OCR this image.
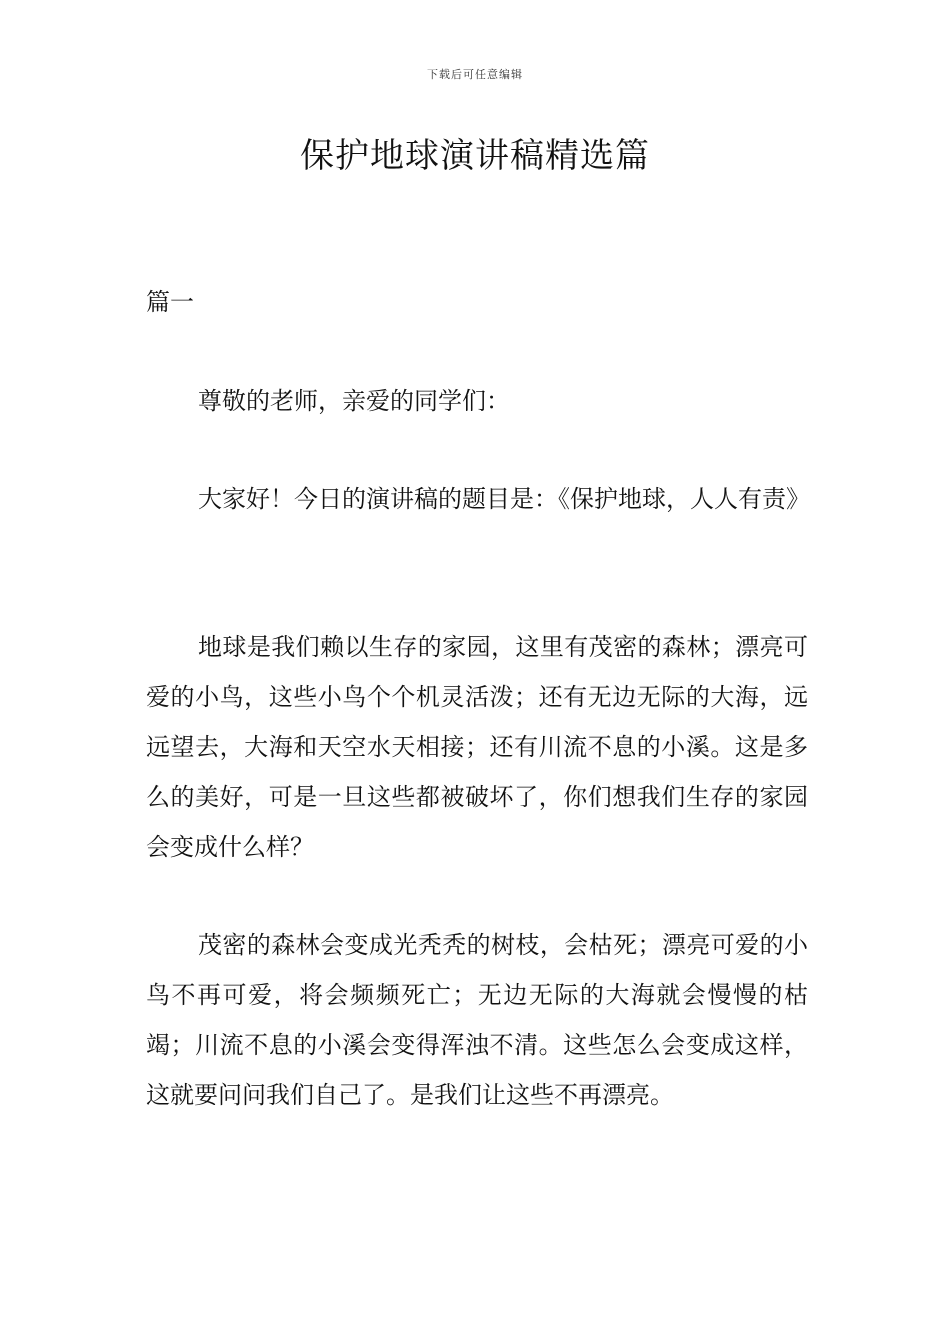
下载后可任意编辑
保护地球演讲稿精选篇
篇一

尊敬的老师，亲爱的同学们：

大家好！今日的演讲稿的题目是：《保护地球，人人有责》

地球是我们赖以生存的家园，这里有茂密的森林；漂亮可爱的小鸟，这些小鸟个个机灵活泼；还有无边无际的大海，远远望去，大海和天空水天相接；还有川流不息的小溪。这是多么的美好，可是一旦这些都被破坏了，你们想我们生存的家园会变成什么样？

茂密的森林会变成光秃秃的树枝，会枯死；漂亮可爱的小鸟不再可爱，将会频频死亡；无边无际的大海就会慢慢的枯竭；川流不息的小溪会变得浑浊不清。这些怎么会变成这样，这就要问问我们自己了。是我们让这些不再漂亮。
